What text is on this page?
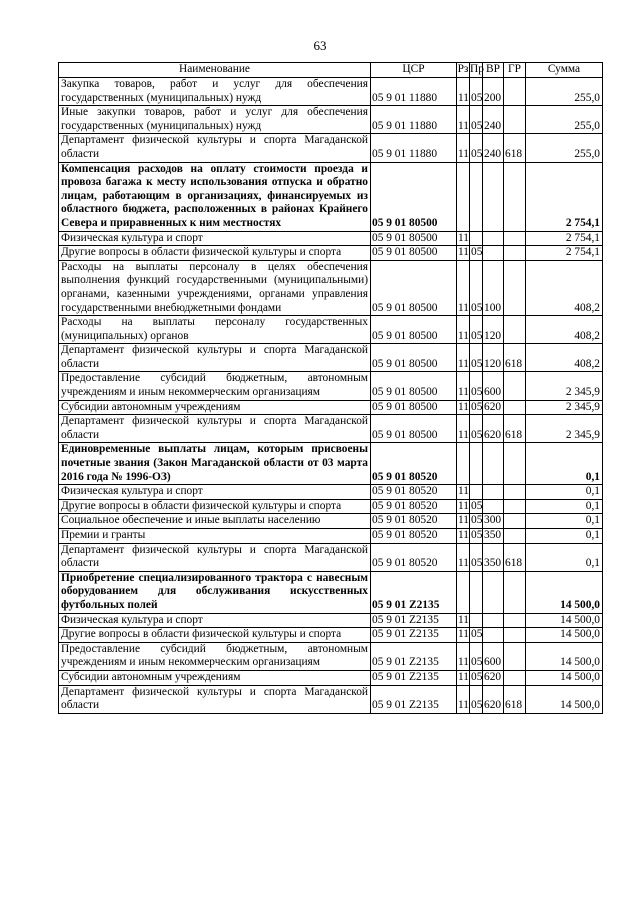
63
Наименование	ЦСР	Рз	Пр	ВР	ГР	Сумма
Закупка товаров, работ и услуг для обеспечения государственных (муниципальных) нужд	05 9 01 11880	11	05	200		255,0
Иные закупки товаров, работ и услуг для обеспечения государственных (муниципальных) нужд	05 9 01 11880	11	05	240		255,0
Департамент физической культуры и спорта Магаданской области	05 9 01 11880	11	05	240	618	255,0
Компенсация расходов на оплату стоимости проезда и провоза багажа к месту использования отпуска и обратно лицам, работающим в организациях, финансируемых из областного бюджета, расположенных в районах Крайнего Севера и приравненных к ним местностях	05 9 01 80500					2 754,1
Физическая культура и спорт	05 9 01 80500	11				2 754,1
Другие вопросы в области физической культуры и спорта	05 9 01 80500	11	05			2 754,1
Расходы на выплаты персоналу в целях обеспечения выполнения функций государственными (муниципальными) органами, казенными учреждениями, органами управления государственными внебюджетными фондами	05 9 01 80500	11	05	100		408,2
Расходы на выплаты персоналу государственных (муниципальных) органов	05 9 01 80500	11	05	120		408,2
Департамент физической культуры и спорта Магаданской области	05 9 01 80500	11	05	120	618	408,2
Предоставление субсидий бюджетным, автономным учреждениям и иным некоммерческим организациям	05 9 01 80500	11	05	600		2 345,9
Субсидии автономным учреждениям	05 9 01 80500	11	05	620		2 345,9
Департамент физической культуры и спорта Магаданской области	05 9 01 80500	11	05	620	618	2 345,9
Единовременные выплаты лицам, которым присвоены почетные звания (Закон Магаданской области от 03 марта 2016 года № 1996-ОЗ)	05 9 01 80520					0,1
Физическая культура и спорт	05 9 01 80520	11				0,1
Другие вопросы в области физической культуры и спорта	05 9 01 80520	11	05			0,1
Социальное обеспечение и иные выплаты населению	05 9 01 80520	11	05	300		0,1
Премии и гранты	05 9 01 80520	11	05	350		0,1
Департамент физической культуры и спорта Магаданской области	05 9 01 80520	11	05	350	618	0,1
Приобретение специализированного трактора с навесным оборудованием для обслуживания искусственных футбольных полей	05 9 01 Z2135					14 500,0
Физическая культура и спорт	05 9 01 Z2135	11				14 500,0
Другие вопросы в области физической культуры и спорта	05 9 01 Z2135	11	05			14 500,0
Предоставление субсидий бюджетным, автономным учреждениям и иным некоммерческим организациям	05 9 01 Z2135	11	05	600		14 500,0
Субсидии автономным учреждениям	05 9 01 Z2135	11	05	620		14 500,0
Департамент физической культуры и спорта Магаданской области	05 9 01 Z2135	11	05	620	618	14 500,0
